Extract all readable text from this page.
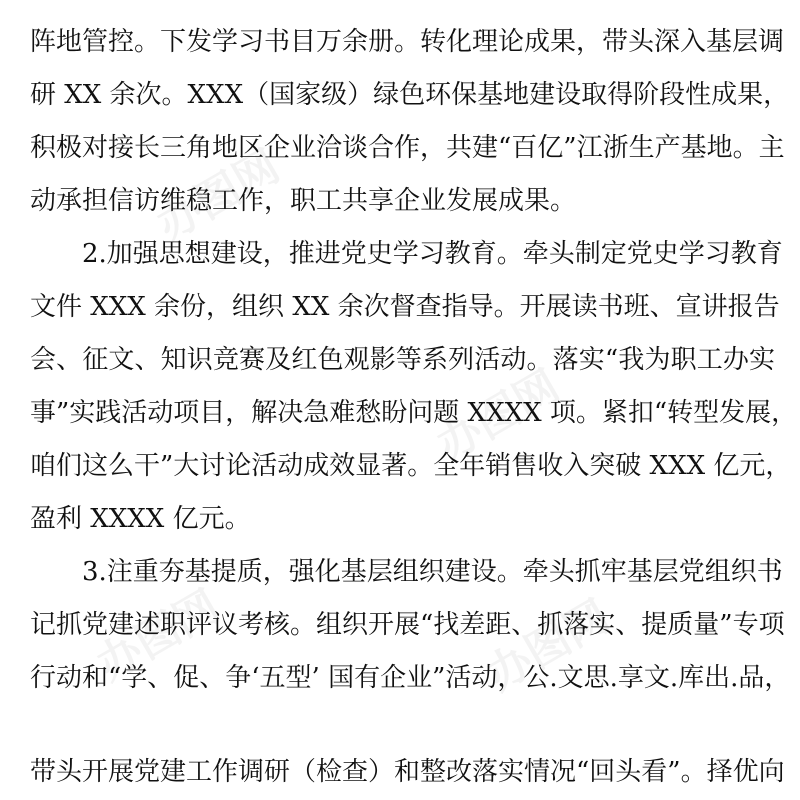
办图网
办图网
办图网	办图网
阵地管控。下发学习书目万余册。转化理论成果，带头深入基层调
研 XX 余次。XXX（国家级）绿色环保基地建设取得阶段性成果，
积极对接长三角地区企业洽谈合作，共建“百亿”江浙生产基地。主
动承担信访维稳工作，职工共享企业发展成果。
2.加强思想建设，推进党史学习教育。牵头制定党史学习教育
文件 XXX 余份，组织 XX 余次督查指导。开展读书班、宣讲报告
会、征文、知识竞赛及红色观影等系列活动。落实“我为职工办实
事”实践活动项目，解决急难愁盼问题 XXXX 项。紧扣“转型发展，
咱们这么干”大讨论活动成效显著。全年销售收入突破 XXX 亿元，
盈利 XXXX 亿元。
3.注重夯基提质，强化基层组织建设。牵头抓牢基层党组织书
记抓党建述职评议考核。组织开展“找差距、抓落实、提质量”专项
行动和“学、促、争‘五型’ 国有企业”活动，公.文思.享文.库出.品，
带头开展党建工作调研（检查）和整改落实情况“回头看”。择优向
